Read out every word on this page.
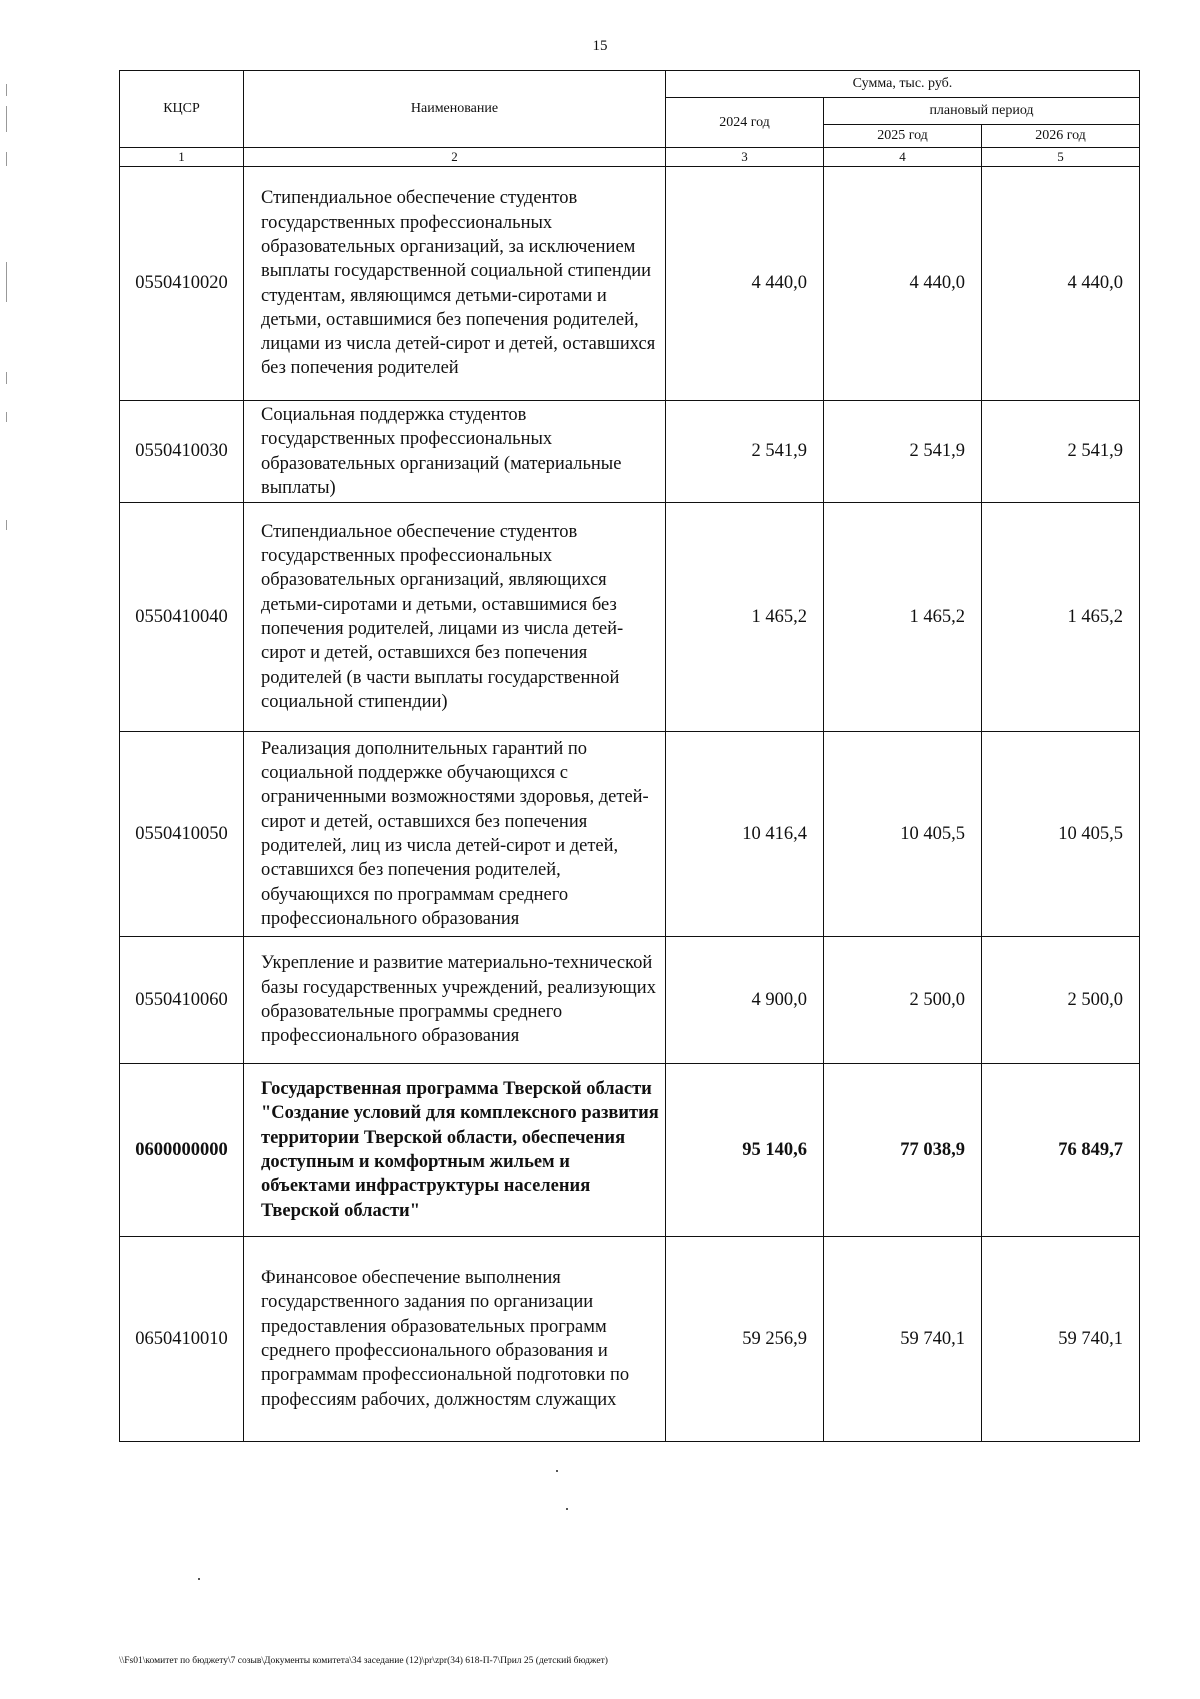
15
КЦСР	Наименование	Сумма, тыс. руб.		
		2024 год	плановый период	
			2025 год	2026 год
1	2	3	4	5
0550410020	Стипендиальное обеспечение студентов государственных профессиональных образовательных организаций, за исключением выплаты государственной социальной стипендии студентам, являющимся детьми-сиротами и детьми, оставшимися без попечения родителей, лицами из числа детей-сирот и детей, оставшихся без попечения родителей	4 440,0	4 440,0	4 440,0
0550410030	Социальная поддержка студентов государственных профессиональных образовательных организаций (материальные выплаты)	2 541,9	2 541,9	2 541,9
0550410040	Стипендиальное обеспечение студентов государственных профессиональных образовательных организаций, являющихся детьми-сиротами и детьми, оставшимися без попечения родителей, лицами из числа детей-сирот и детей, оставшихся без попечения родителей (в части выплаты государственной социальной стипендии)	1 465,2	1 465,2	1 465,2
0550410050	Реализация дополнительных гарантий по социальной поддержке обучающихся с ограниченными возможностями здоровья, детей-сирот и детей, оставшихся без попечения родителей, лиц из числа детей-сирот и детей, оставшихся без попечения родителей, обучающихся по программам среднего профессионального образования	10 416,4	10 405,5	10 405,5
0550410060	Укрепление и развитие материально-технической базы государственных учреждений, реализующих образовательные программы среднего профессионального образования	4 900,0	2 500,0	2 500,0
0600000000	Государственная программа Тверской области "Создание условий для комплексного развития территории Тверской области, обеспечения доступным и комфортным жильем и объектами инфраструктуры населения Тверской области"	95 140,6	77 038,9	76 849,7
0650410010	Финансовое обеспечение выполнения государственного задания по организации предоставления образовательных программ среднего профессионального образования и программам профессиональной подготовки по профессиям рабочих, должностям служащих	59 256,9	59 740,1	59 740,1
\\Fs01\комитет по бюджету\7 созыв\Документы комитета\34 заседание (12)\pr\zpr(34) 618-П-7\Прил 25 (детский бюджет)
